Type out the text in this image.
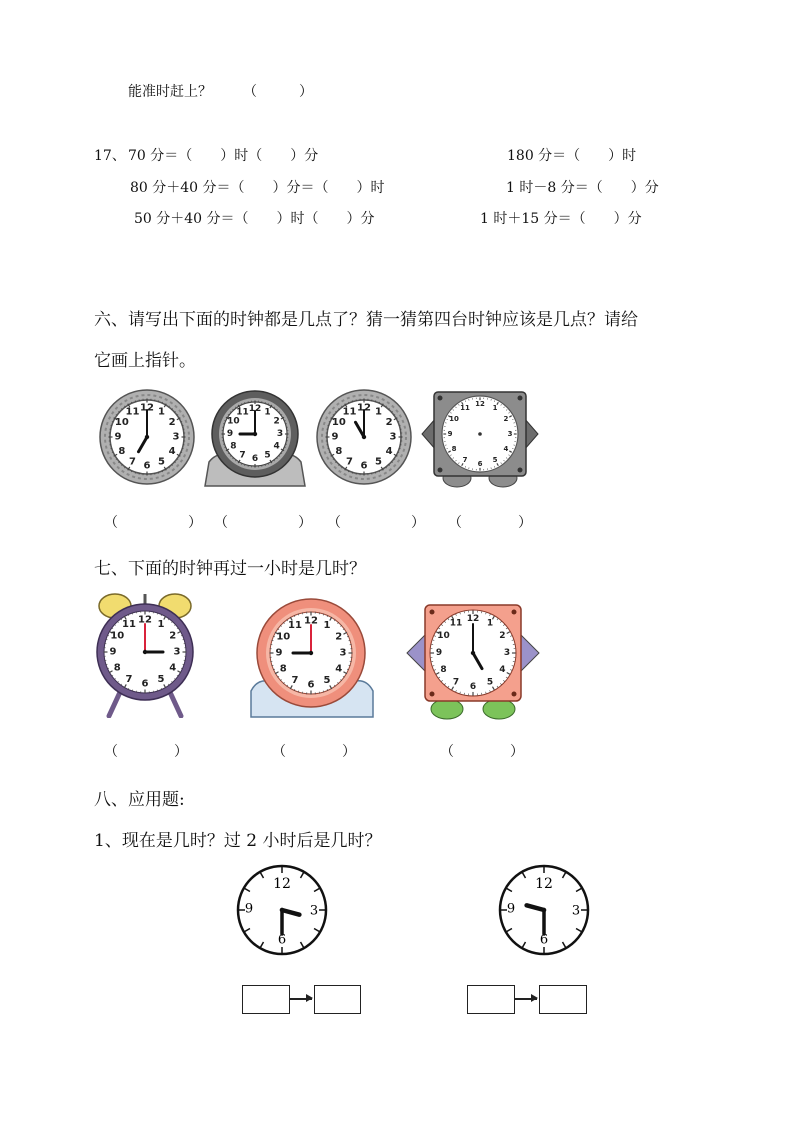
能准时赶上？ （　　　）
17、 70 分＝（　　）时（　　）分	180 分＝（　　）时
80 分＋40 分＝（　　）分＝（　　）时	1 时－8 分＝（　　）分
50 分＋40 分＝（　　）时（　　）分	1 时＋15 分＝（　　）分
六、请写出下面的时钟都是几点了？猜一猜第四台时钟应该是几点？请给
它画上指针。
12 1
2
3
4
5
6
7
8
9
10
11	12 1
2
3
4
5
6
7
8
9
10
11	12 1
2
3
4
5
6
7
8
9
10
11
12
1
2
3
4
5
6
7
8
9
10
11
（　　　　　） （　　　　　） （　　　　　） （　　　　）
七、下面的时钟再过一小时是几时？
12 1
2
3
4
5
6
7
8
9
10
11	12 1
2
3
4
5
6
7
8
9
10
11
12 1
2
3
4
5
6
7
8
9
10
11
（　　　　）	（　　　　）	（　　　　）
八、应用题:
1、现在是几时？过 2 小时后是几时？
12
3
6
9
12
3
6
9
